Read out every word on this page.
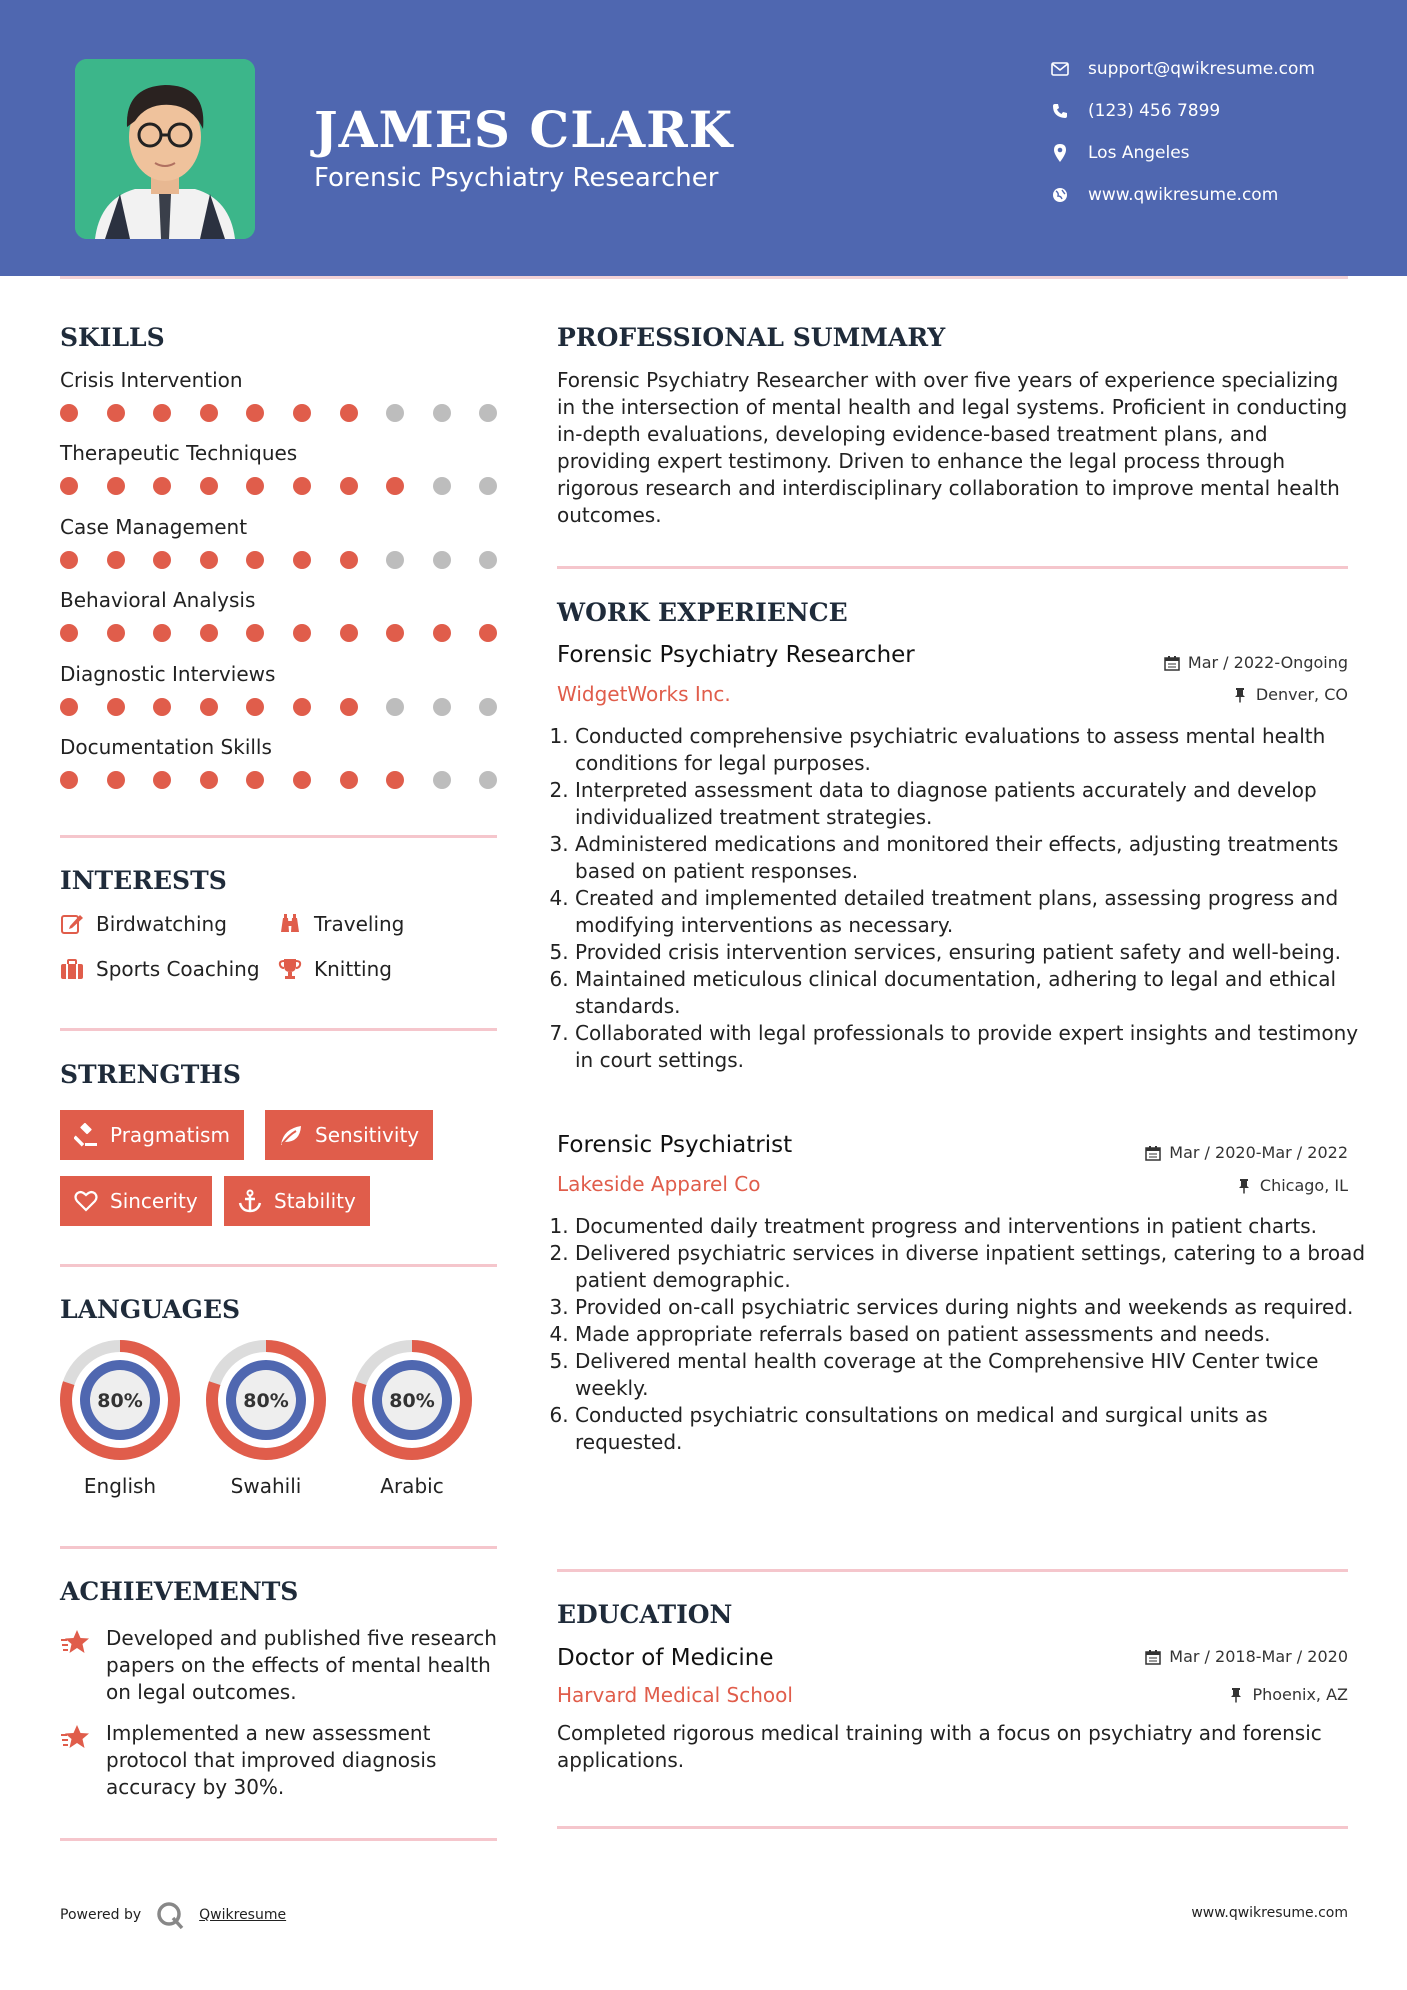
JAMES CLARK
Forensic Psychiatry Researcher
support@qwikresume.com
(123) 456 7899
Los Angeles
www.qwikresume.com
SKILLS
Crisis Intervention
Therapeutic Techniques
Case Management
Behavioral Analysis
Diagnostic Interviews
Documentation Skills
INTERESTS
Birdwatching	Traveling
Sports Coaching	Knitting
STRENGTHS
Pragmatism	Sensitivity
Sincerity	Stability
LANGUAGES
80%
English
80%
Swahili
80%
Arabic
ACHIEVEMENTS
Developed and published five research papers on the effects of mental health on legal outcomes.
Implemented a new assessment protocol that improved diagnosis accuracy by 30%.
PROFESSIONAL SUMMARY
Forensic Psychiatry Researcher with over five years of experience specializing in the intersection of mental health and legal systems. Proficient in conducting in-depth evaluations, developing evidence-based treatment plans, and providing expert testimony. Driven to enhance the legal process through rigorous research and interdisciplinary collaboration to improve mental health outcomes.
WORK EXPERIENCE
Forensic Psychiatry Researcher	Mar / 2022-Ongoing
WidgetWorks Inc.	Denver, CO
1. Conducted comprehensive psychiatric evaluations to assess mental health conditions for legal purposes.
2. Interpreted assessment data to diagnose patients accurately and develop individualized treatment strategies.
3. Administered medications and monitored their effects, adjusting treatments based on patient responses.
4. Created and implemented detailed treatment plans, assessing progress and modifying interventions as necessary.
5. Provided crisis intervention services, ensuring patient safety and well-being.
6. Maintained meticulous clinical documentation, adhering to legal and ethical standards.
7. Collaborated with legal professionals to provide expert insights and testimony in court settings.
Forensic Psychiatrist	Mar / 2020-Mar / 2022
Lakeside Apparel Co	Chicago, IL
1. Documented daily treatment progress and interventions in patient charts.
2. Delivered psychiatric services in diverse inpatient settings, catering to a broad patient demographic.
3. Provided on-call psychiatric services during nights and weekends as required.
4. Made appropriate referrals based on patient assessments and needs.
5. Delivered mental health coverage at the Comprehensive HIV Center twice weekly.
6. Conducted psychiatric consultations on medical and surgical units as requested.
EDUCATION
Doctor of Medicine	Mar / 2018-Mar / 2020
Harvard Medical School	Phoenix, AZ
Completed rigorous medical training with a focus on psychiatry and forensic applications.
Powered by	Qwikresume	www.qwikresume.com
